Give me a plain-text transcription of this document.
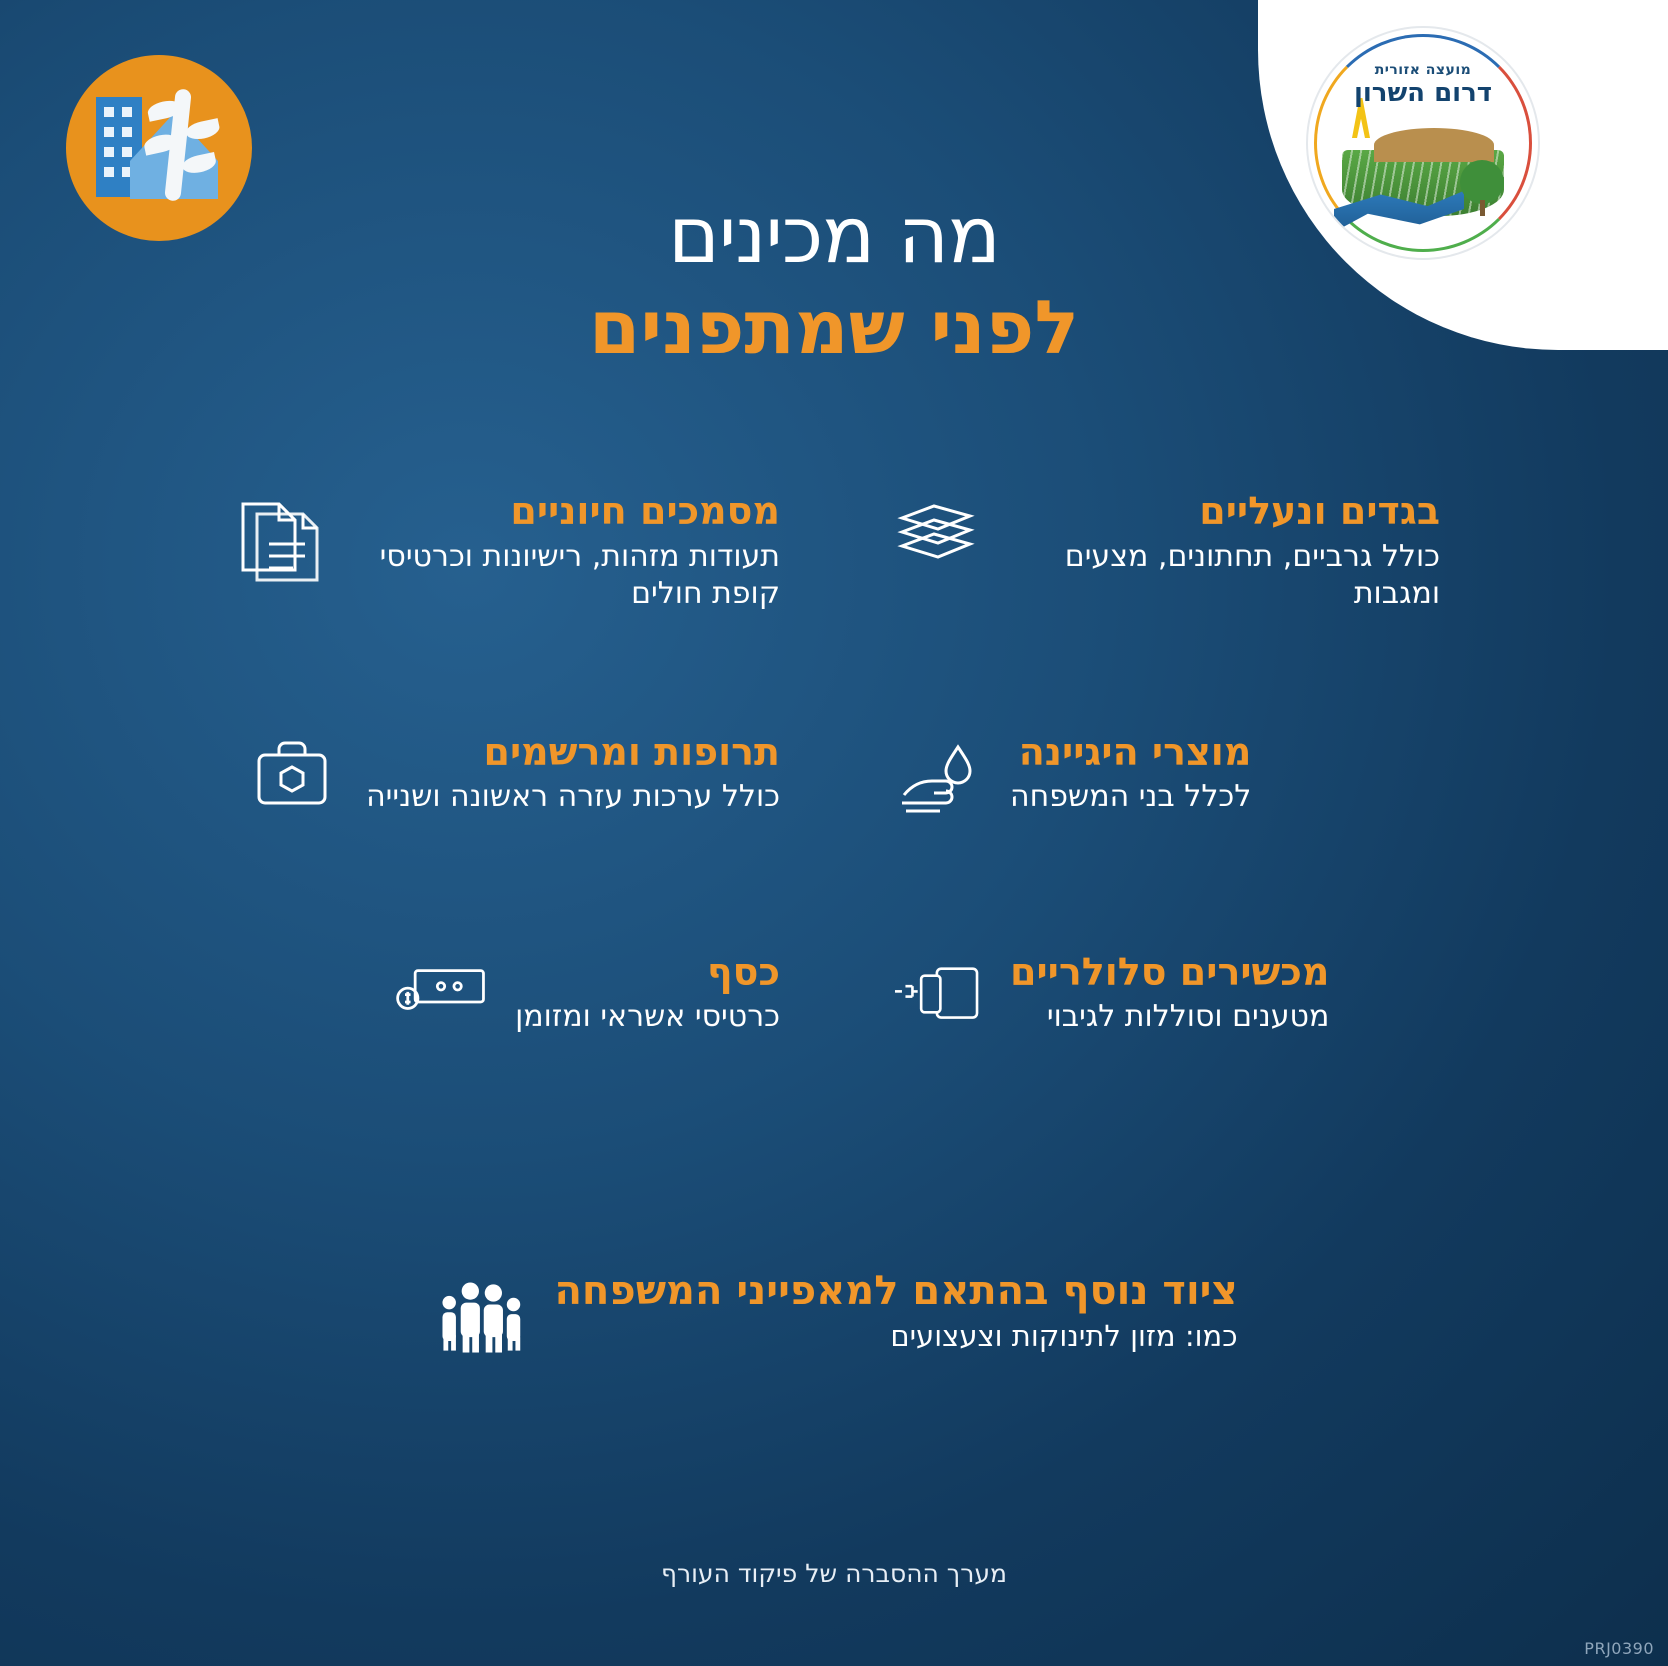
מועצה אזורית
דרום השרון
מה מכינים
לפני שמתפנים
בגדים ונעליים
כולל גרביים, תחתונים, מצעים ומגבות
מסמכים חיוניים
תעודות מזהות, רישיונות וכרטיסי קופת חולים
מוצרי היגיינה
לכלל בני המשפחה
תרופות ומרשמים
כולל ערכות עזרה ראשונה ושנייה
מכשירים סלולריים
מטענים וסוללות לגיבוי
כסף
כרטיסי אשראי ומזומן
ציוד נוסף בהתאם למאפייני המשפחה
כמו: מזון לתינוקות וצעצועים
מערך ההסברה של פיקוד העורף
PRJ0390
